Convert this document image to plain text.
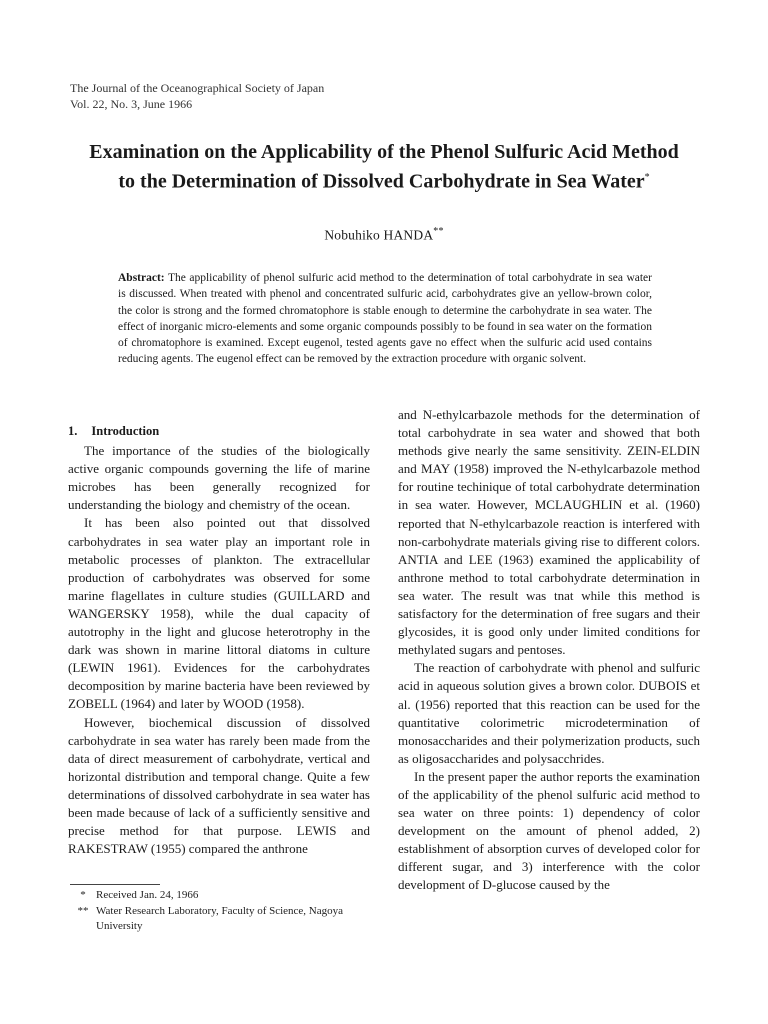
The Journal of the Oceanographical Society of Japan
Vol. 22, No. 3, June 1966
Examination on the Applicability of the Phenol Sulfuric Acid Method to the Determination of Dissolved Carbohydrate in Sea Water*
Nobuhiko HANDA**
Abstract: The applicability of phenol sulfuric acid method to the determination of total carbohydrate in sea water is discussed. When treated with phenol and concentrated sulfuric acid, carbohydrates give an yellow-brown color, the color is strong and the formed chromatophore is stable enough to determine the carbohydrate in sea water. The effect of inorganic micro-elements and some organic compounds possibly to be found in sea water on the formation of chromatophore is examined. Except eugenol, tested agents gave no effect when the sulfuric acid used contains reducing agents. The eugenol effect can be removed by the extraction procedure with organic solvent.
1. Introduction

The importance of the studies of the biologically active organic compounds governing the life of marine microbes has been generally recognized for understanding the biology and chemistry of the ocean.

It has been also pointed out that dissolved carbohydrates in sea water play an important role in metabolic processes of plankton. The extracellular production of carbohydrates was observed for some marine flagellates in culture studies (GUILLARD and WANGERSKY 1958), while the dual capacity of autotrophy in the light and glucose heterotrophy in the dark was shown in marine littoral diatoms in culture (LEWIN 1961). Evidences for the carbohydrates decomposition by marine bacteria have been reviewed by ZOBELL (1964) and later by WOOD (1958).

However, biochemical discussion of dissolved carbohydrate in sea water has rarely been made from the data of direct measurement of carbohydrate, vertical and horizontal distribution and temporal change. Quite a few determinations of dissolved carbohydrate in sea water has been made because of lack of a sufficiently sensitive and precise method for that purpose. LEWIS and RAKESTRAW (1955) compared the anthrone

and N-ethylcarbazole methods for the determination of total carbohydrate in sea water and showed that both methods give nearly the same sensitivity. ZEIN-ELDIN and MAY (1958) improved the N-ethylcarbazole method for routine techinique of total carbohydrate determination in sea water. However, MCLAUGHLIN et al. (1960) reported that N-ethylcarbazole reaction is interfered with non-carbohydrate materials giving rise to different colors. ANTIA and LEE (1963) examined the applicability of anthrone method to total carbohydrate determination in sea water. The result was tnat while this method is satisfactory for the determination of free sugars and their glycosides, it is good only under limited conditions for methylated sugars and pentoses.

The reaction of carbohydrate with phenol and sulfuric acid in aqueous solution gives a brown color. DUBOIS et al. (1956) reported that this reaction can be used for the quantitative colorimetric microdetermination of monosaccharides and their polymerization products, such as oligosaccharides and polysacchrides.

In the present paper the author reports the examination of the applicability of the phenol sulfuric acid method to sea water on three points: 1) dependency of color development on the amount of phenol added, 2) establishment of absorption curves of developed color for different sugar, and 3) interference with the color development of D-glucose caused by the

* Received Jan. 24, 1966
** Water Research Laboratory, Faculty of Science, Nagoya University
